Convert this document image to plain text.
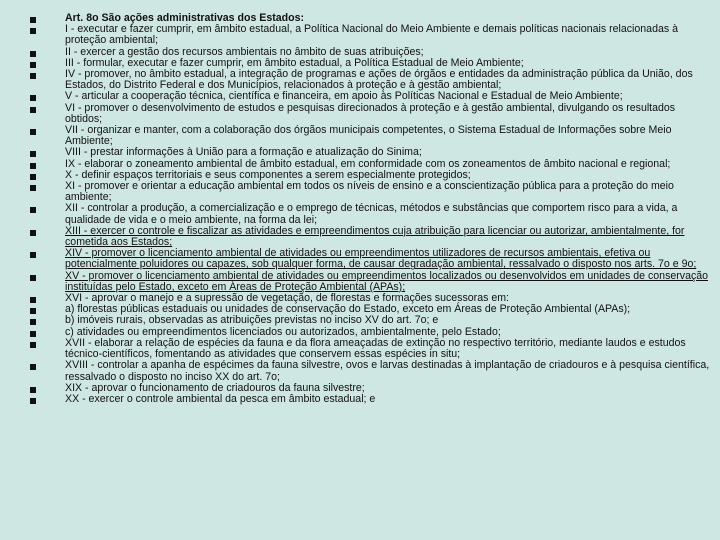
Art. 8o São ações administrativas dos Estados:
I - executar e fazer cumprir, em âmbito estadual, a Política Nacional do Meio Ambiente e demais políticas nacionais relacionadas à proteção ambiental;
II - exercer a gestão dos recursos ambientais no âmbito de suas atribuições;
III - formular, executar e fazer cumprir, em âmbito estadual, a Política Estadual de Meio Ambiente;
IV - promover, no âmbito estadual, a integração de programas e ações de órgãos e entidades da administração pública da União, dos Estados, do Distrito Federal e dos Municípios, relacionados à proteção e à gestão ambiental;
V - articular a cooperação técnica, científica e financeira, em apoio às Políticas Nacional e Estadual de Meio Ambiente;
VI - promover o desenvolvimento de estudos e pesquisas direcionados à proteção e à gestão ambiental, divulgando os resultados obtidos;
VII - organizar e manter, com a colaboração dos órgãos municipais competentes, o Sistema Estadual de Informações sobre Meio Ambiente;
VIII - prestar informações à União para a formação e atualização do Sinima;
IX - elaborar o zoneamento ambiental de âmbito estadual, em conformidade com os zoneamentos de âmbito nacional e regional;
X - definir espaços territoriais e seus componentes a serem especialmente protegidos;
XI - promover e orientar a educação ambiental em todos os níveis de ensino e a conscientização pública para a proteção do meio ambiente;
XII - controlar a produção, a comercialização e o emprego de técnicas, métodos e substâncias que comportem risco para a vida, a qualidade de vida e o meio ambiente, na forma da lei;
XIII - exercer o controle e fiscalizar as atividades e empreendimentos cuja atribuição para licenciar ou autorizar, ambientalmente, for cometida aos Estados;
XIV - promover o licenciamento ambiental de atividades ou empreendimentos utilizadores de recursos ambientais, efetiva ou potencialmente poluidores ou capazes, sob qualquer forma, de causar degradação ambiental, ressalvado o disposto nos arts. 7o e 9o;
XV - promover o licenciamento ambiental de atividades ou empreendimentos localizados ou desenvolvidos em unidades de conservação instituídas pelo Estado, exceto em Áreas de Proteção Ambiental (APAs);
XVI - aprovar o manejo e a supressão de vegetação, de florestas e formações sucessoras em:
a) florestas públicas estaduais ou unidades de conservação do Estado, exceto em Áreas de Proteção Ambiental (APAs);
b) imóveis rurais, observadas as atribuições previstas no inciso XV do art. 7o; e
c) atividades ou empreendimentos licenciados ou autorizados, ambientalmente, pelo Estado;
XVII - elaborar a relação de espécies da fauna e da flora ameaçadas de extinção no respectivo território, mediante laudos e estudos técnico-científicos, fomentando as atividades que conservem essas espécies in situ;
XVIII - controlar a apanha de espécimes da fauna silvestre, ovos e larvas destinadas à implantação de criadouros e à pesquisa científica, ressalvado o disposto no inciso XX do art. 7o;
XIX - aprovar o funcionamento de criadouros da fauna silvestre;
XX - exercer o controle ambiental da pesca em âmbito estadual; e
